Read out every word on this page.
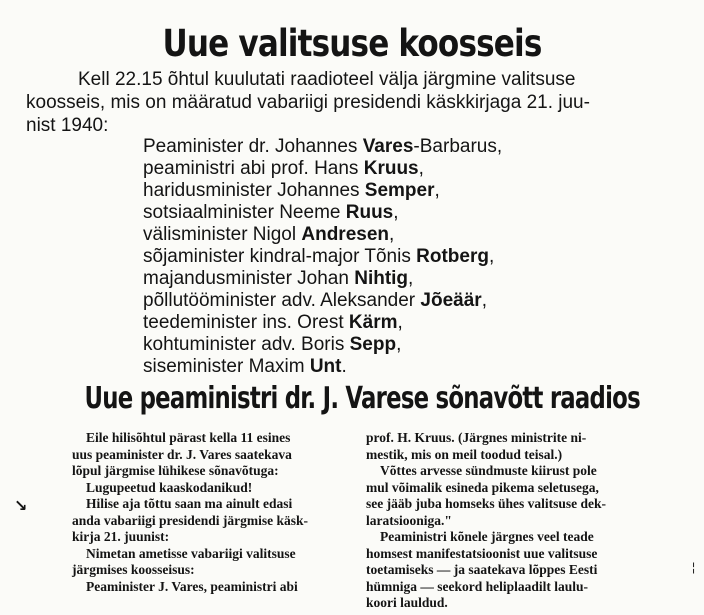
Uue valitsuse koosseis
Kell 22.15 õhtul kuulutati raadioteel välja järgmine valitsuse
koosseis, mis on määratud vabariigi presidendi käskkirjaga 21. juu-
nist 1940:
Peaminister dr. Johannes Vares-Barbarus,
peaministri abi prof. Hans Kruus,
haridusminister Johannes Semper,
sotsiaalminister Neeme Ruus,
välisminister Nigol Andresen,
sõjaminister kindral-major Tõnis Rotberg,
majandusminister Johan Nihtig,
põllutööminister adv. Aleksander Jõeäär,
teedeminister ins. Orest Kärm,
kohtuminister adv. Boris Sepp,
siseminister Maxim Unt.
Uue peaministri dr. J. Varese sõnavõtt raadios

Eile hilisõhtul pärast kella 11 esines
uus peaminister dr. J. Vares saatekava
lõpul järgmise lühikese sõnavõtuga:

Lugupeetud kaaskodanikud!

Hilise aja tõttu saan ma ainult edasi
anda vabariigi presidendi järgmise käsk-
kirja 21. juunist:

Nimetan ametisse vabariigi valitsuse
järgmises koosseisus:

Peaminister J. Vares, peaministri abi

prof. H. Kruus. (Järgnes ministrite ni-
mestik, mis on meil toodud teisal.)

Võttes arvesse sündmuste kiirust pole
mul võimalik esineda pikema seletusega,
see jääb juba homseks ühes valitsuse dek-
laratsiooniga."

Peaministri kõnele järgnes veel teade
homsest manifestatsioonist uue valitsuse
toetamiseks — ja saatekava lõppes Eesti
hümniga — seekord heliplaadilt laulu-
koori lauldud.

↘
¦
